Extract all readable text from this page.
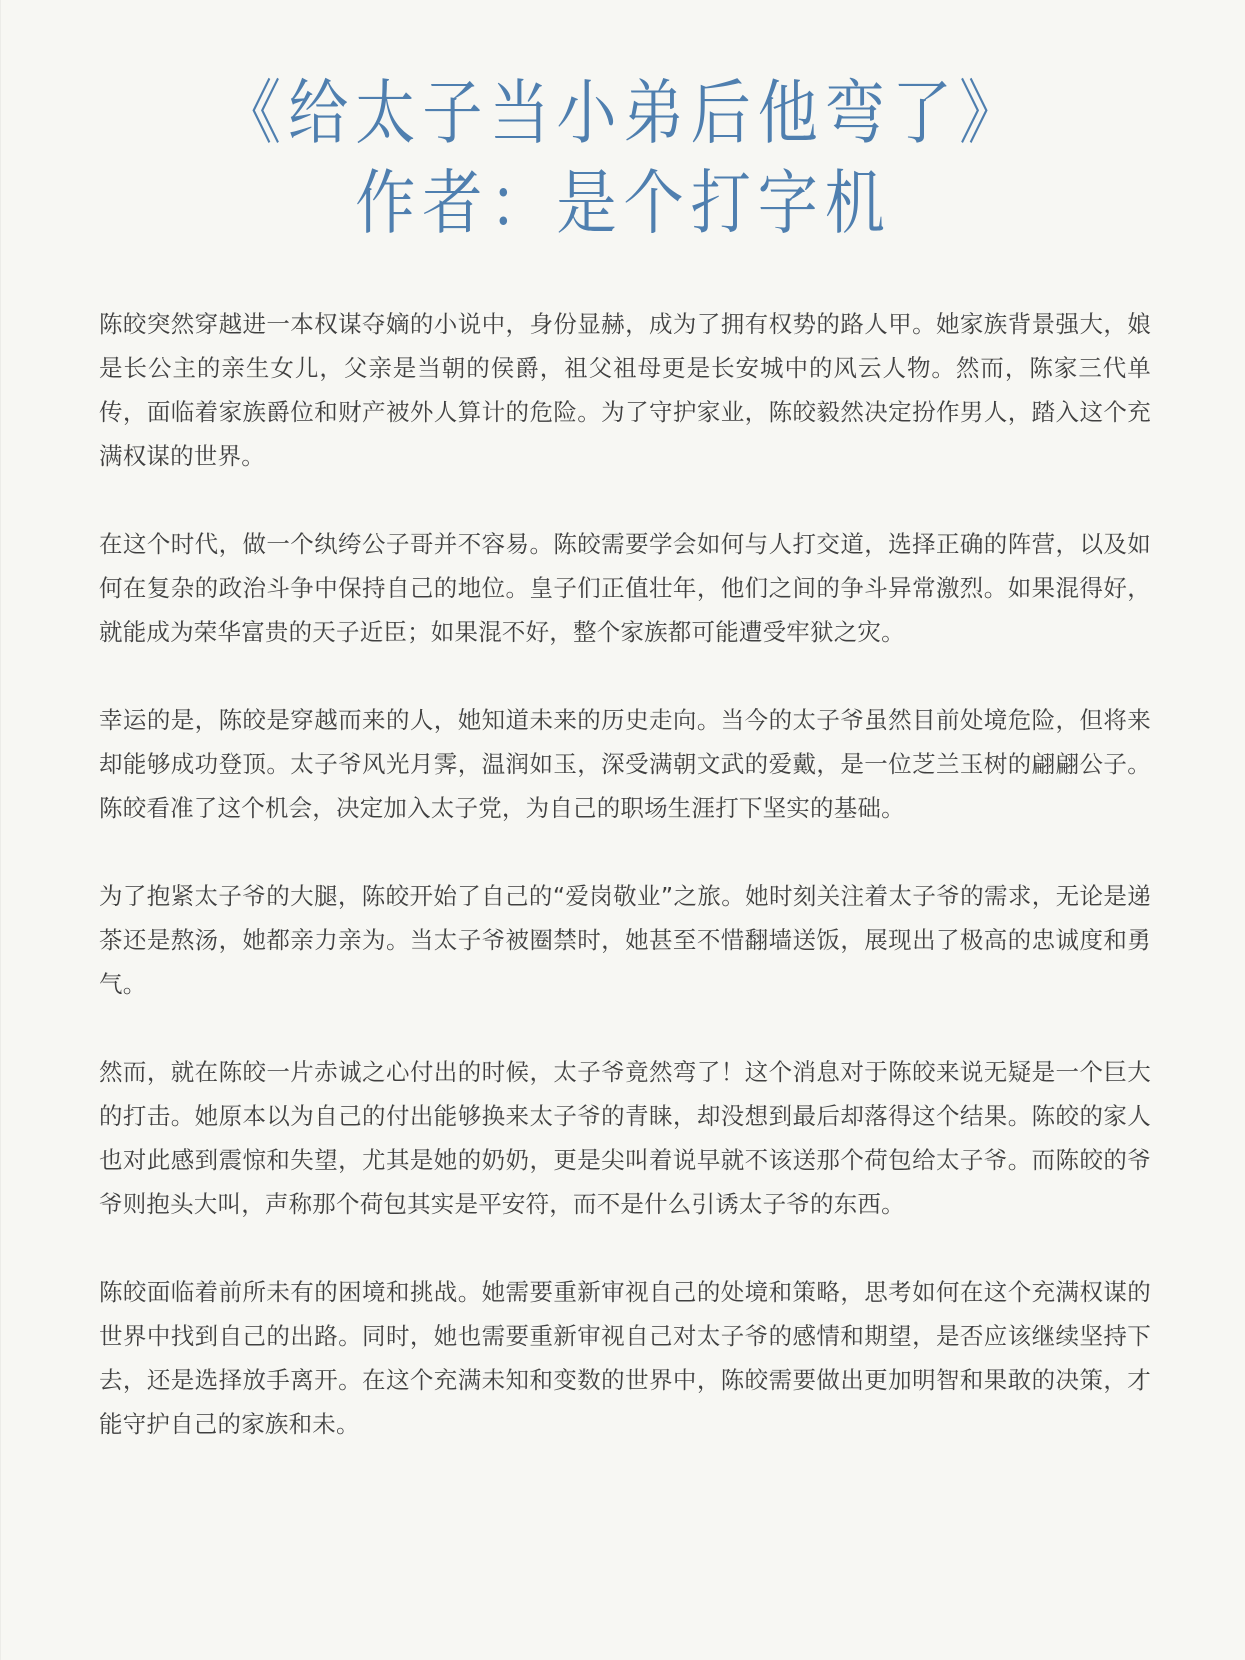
《给太子当小弟后他弯了》
作者：是个打字机

陈皎突然穿越进一本权谋夺嫡的小说中，身份显赫，成为了拥有权势的路人甲。她家族背景强大，娘是长公主的亲生女儿，父亲是当朝的侯爵，祖父祖母更是长安城中的风云人物。然而，陈家三代单传，面临着家族爵位和财产被外人算计的危险。为了守护家业，陈皎毅然决定扮作男人，踏入这个充满权谋的世界。

在这个时代，做一个纨绔公子哥并不容易。陈皎需要学会如何与人打交道，选择正确的阵营，以及如何在复杂的政治斗争中保持自己的地位。皇子们正值壮年，他们之间的争斗异常激烈。如果混得好，就能成为荣华富贵的天子近臣；如果混不好，整个家族都可能遭受牢狱之灾。

幸运的是，陈皎是穿越而来的人，她知道未来的历史走向。当今的太子爷虽然目前处境危险，但将来却能够成功登顶。太子爷风光月霁，温润如玉，深受满朝文武的爱戴，是一位芝兰玉树的翩翩公子。陈皎看准了这个机会，决定加入太子党，为自己的职场生涯打下坚实的基础。

为了抱紧太子爷的大腿，陈皎开始了自己的“爱岗敬业”之旅。她时刻关注着太子爷的需求，无论是递茶还是熬汤，她都亲力亲为。当太子爷被圈禁时，她甚至不惜翻墙送饭，展现出了极高的忠诚度和勇气。

然而，就在陈皎一片赤诚之心付出的时候，太子爷竟然弯了！这个消息对于陈皎来说无疑是一个巨大的打击。她原本以为自己的付出能够换来太子爷的青睐，却没想到最后却落得这个结果。陈皎的家人也对此感到震惊和失望，尤其是她的奶奶，更是尖叫着说早就不该送那个荷包给太子爷。而陈皎的爷爷则抱头大叫，声称那个荷包其实是平安符，而不是什么引诱太子爷的东西。

陈皎面临着前所未有的困境和挑战。她需要重新审视自己的处境和策略，思考如何在这个充满权谋的世界中找到自己的出路。同时，她也需要重新审视自己对太子爷的感情和期望，是否应该继续坚持下去，还是选择放手离开。在这个充满未知和变数的世界中，陈皎需要做出更加明智和果敢的决策，才能守护自己的家族和未。
